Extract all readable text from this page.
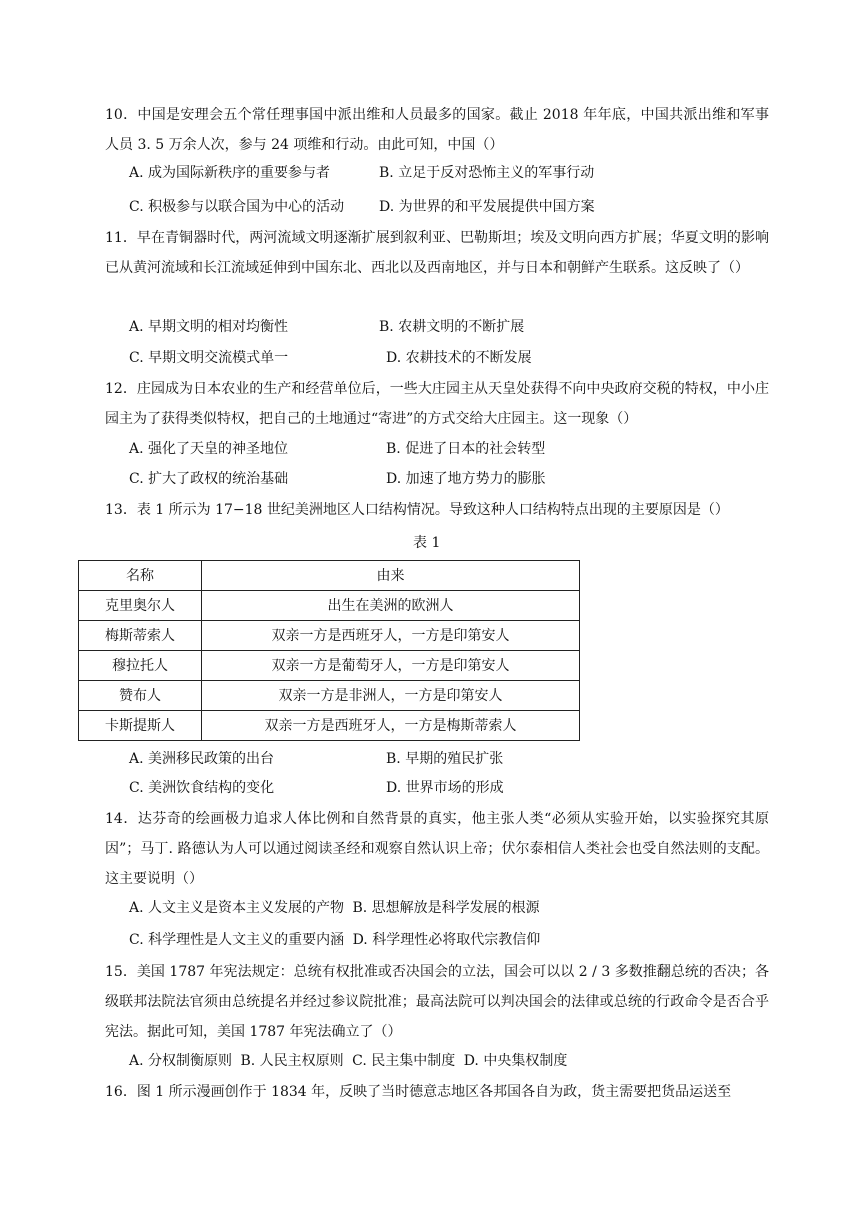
10．中国是安理会五个常任理事国中派出维和人员最多的国家。截止 2018 年年底，中国共派出维和军事人员 3. 5 万余人次，参与 24 项维和行动。由此可知，中国（）
A. 成为国际新秩序的重要参与者	B. 立足于反对恐怖主义的军事行动
C. 积极参与以联合国为中心的活动 D. 为世界的和平发展提供中国方案
11．早在青铜器时代，两河流域文明逐渐扩展到叙利亚、巴勒斯坦；埃及文明向西方扩展；华夏文明的影响已从黄河流域和长江流域延伸到中国东北、西北以及西南地区，并与日本和朝鲜产生联系。这反映了（）
A. 早期文明的相对均衡性	B. 农耕文明的不断扩展
C. 早期文明交流模式单一	D. 农耕技术的不断发展
12．庄园成为日本农业的生产和经营单位后，一些大庄园主从天皇处获得不向中央政府交税的特权，中小庄园主为了获得类似特权，把自己的土地通过“寄进”的方式交给大庄园主。这一现象（）
A. 强化了天皇的神圣地位	B. 促进了日本的社会转型
C. 扩大了政权的统治基础	D. 加速了地方势力的膨胀
13．表 1 所示为 17−18 世纪美洲地区人口结构情况。导致这种人口结构特点出现的主要原因是（）
表 1
名称	由来
克里奥尔人	出生在美洲的欧洲人
梅斯蒂索人	双亲一方是西班牙人，一方是印第安人
穆拉托人	双亲一方是葡萄牙人，一方是印第安人
赞布人	双亲一方是非洲人，一方是印第安人
卡斯提斯人	双亲一方是西班牙人，一方是梅斯蒂索人
A. 美洲移民政策的出台	B. 早期的殖民扩张
C. 美洲饮食结构的变化	D. 世界市场的形成
14．达芬奇的绘画极力追求人体比例和自然背景的真实，他主张人类“必须从实验开始，以实验探究其原因”；马丁. 路德认为人可以通过阅读圣经和观察自然认识上帝；伏尔泰相信人类社会也受自然法则的支配。这主要说明（）
A. 人文主义是资本主义发展的产物 B. 思想解放是科学发展的根源
C. 科学理性是人文主义的重要内涵 D. 科学理性必将取代宗教信仰
15．美国 1787 年宪法规定：总统有权批准或否决国会的立法，国会可以以 2 / 3 多数推翻总统的否决；各级联邦法院法官须由总统提名并经过参议院批准；最高法院可以判决国会的法律或总统的行政命令是否合乎宪法。据此可知，美国 1787 年宪法确立了（）
A. 分权制衡原则 B. 人民主权原则 C. 民主集中制度 D. 中央集权制度
16．图 1 所示漫画创作于 1834 年，反映了当时德意志地区各邦国各自为政，货主需要把货品运送至
